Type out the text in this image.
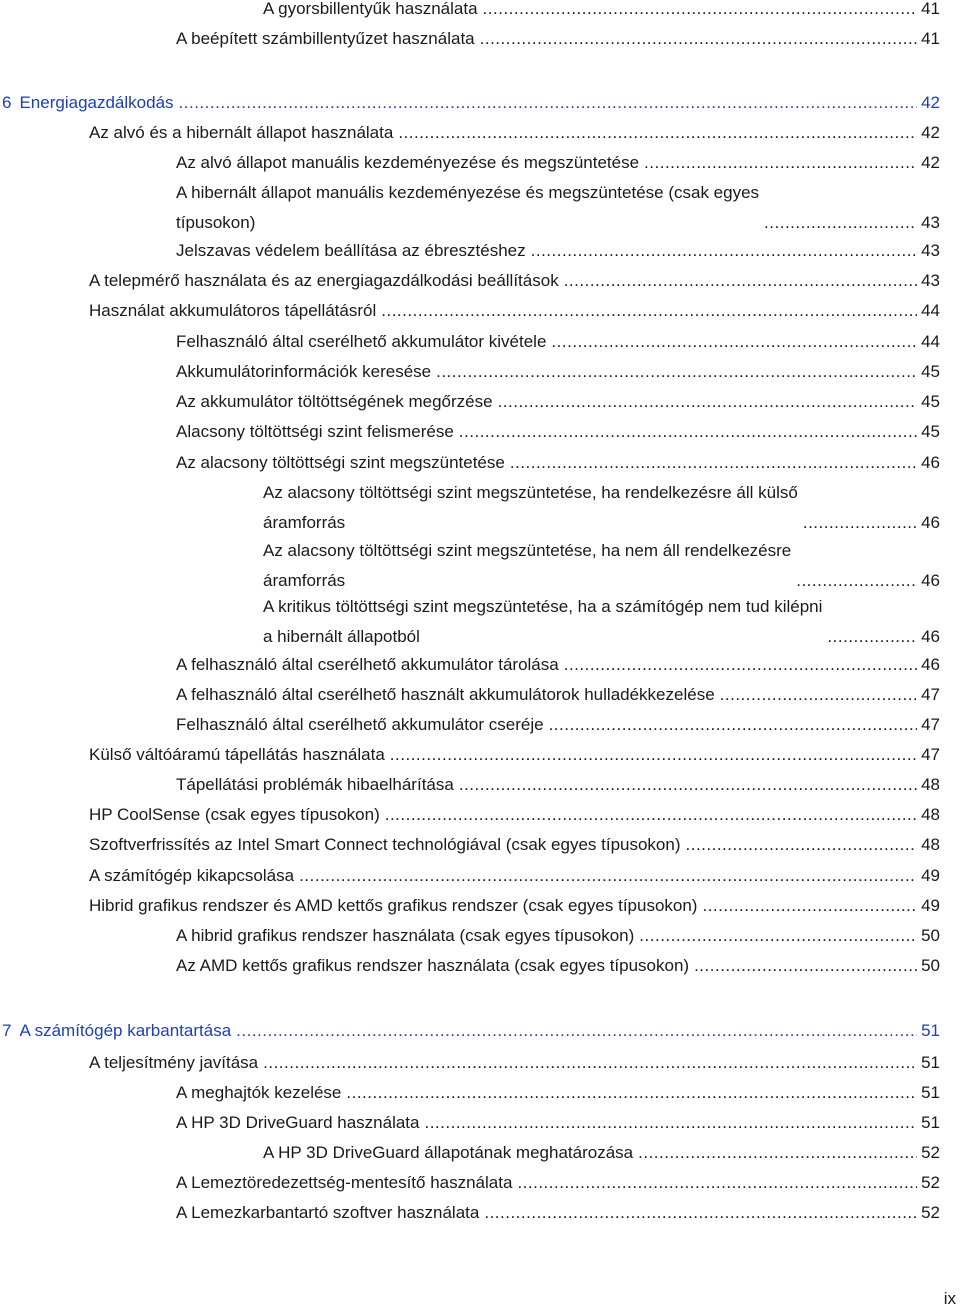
A gyorsbillentyűk használata .....	41
A beépített számbillentyűzet használata .....	41
6 Energiagazdálkodás .....	42
Az alvó és a hibernált állapot használata .....	42
Az alvó állapot manuális kezdeményezése és megszüntetése .....	42
A hibernált állapot manuális kezdeményezése és megszüntetése (csak egyes
típusokon) .....	43
Jelszavas védelem beállítása az ébresztéshez .....	43
A telepmérő használata és az energiagazdálkodási beállítások .....	43
Használat akkumulátoros tápellátásról .....	44
Felhasználó által cserélhető akkumulátor kivétele .....	44
Akkumulátorinformációk keresése .....	45
Az akkumulátor töltöttségének megőrzése .....	45
Alacsony töltöttségi szint felismerése .....	45
Az alacsony töltöttségi szint megszüntetése .....	46
Az alacsony töltöttségi szint megszüntetése, ha rendelkezésre áll külső
áramforrás .....	46
Az alacsony töltöttségi szint megszüntetése, ha nem áll rendelkezésre
áramforrás .....	46
A kritikus töltöttségi szint megszüntetése, ha a számítógép nem tud kilépni
a hibernált állapotból .....	46
A felhasználó által cserélhető akkumulátor tárolása .....	46
A felhasználó által cserélhető használt akkumulátorok hulladékkezelése .....	47
Felhasználó által cserélhető akkumulátor cseréje .....	47
Külső váltóáramú tápellátás használata .....	47
Tápellátási problémák hibaelhárítása .....	48
HP CoolSense (csak egyes típusokon) .....	48
Szoftverfrissítés az Intel Smart Connect technológiával (csak egyes típusokon) .....	48
A számítógép kikapcsolása .....	49
Hibrid grafikus rendszer és AMD kettős grafikus rendszer (csak egyes típusokon) .....	49
A hibrid grafikus rendszer használata (csak egyes típusokon) .....	50
Az AMD kettős grafikus rendszer használata (csak egyes típusokon) .....	50
7 A számítógép karbantartása .....	51
A teljesítmény javítása .....	51
A meghajtók kezelése .....	51
A HP 3D DriveGuard használata .....	51
A HP 3D DriveGuard állapotának meghatározása .....	52
A Lemeztöredezettség-mentesítő használata .....	52
A Lemezkarbantartó szoftver használata .....	52
ix
